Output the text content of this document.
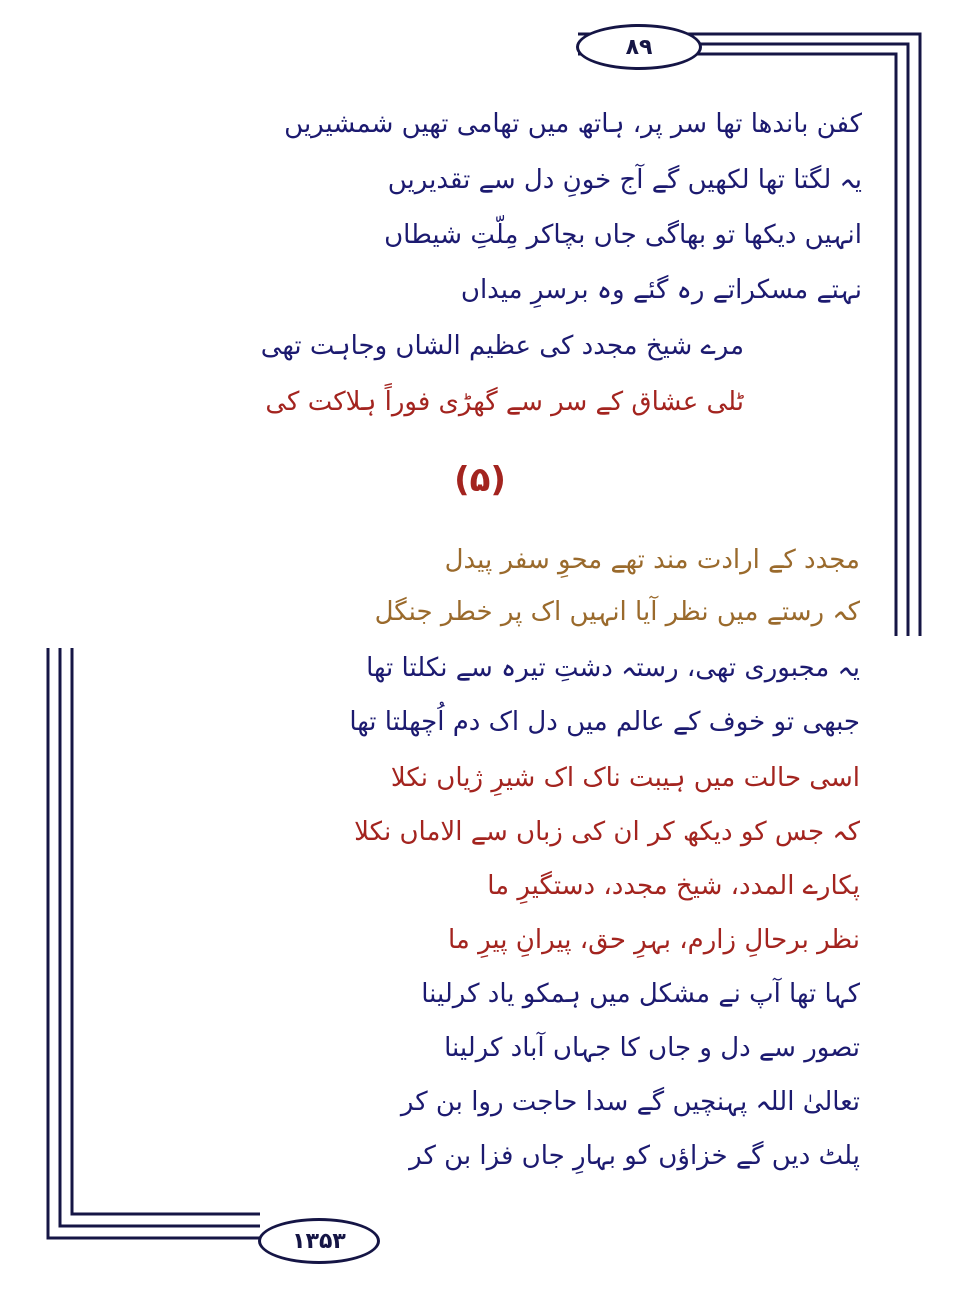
۸۹
۱۳۵۳
کفن باندھا تھا سر پر، ہاتھ میں تھامی تھیں شمشیریں
یہ لگتا تھا لکھیں گے آج خونِ دل سے تقدیریں
انہیں دیکھا تو بھاگی جاں بچاکر مِلّتِ شیطاں
نہتے مسکراتے رہ گئے وہ برسرِ میداں
مرے شیخ مجدد کی عظیم الشاں وجاہت تھی
ٹلی عشاق کے سر سے گھڑی فوراً ہلاکت کی
(۵)
مجدد کے ارادت مند تھے محوِ سفر پیدل
کہ رستے میں نظر آیا انہیں اک پر خطر جنگل
یہ مجبوری تھی، رستہ دشتِ تیرہ سے نکلتا تھا
جبھی تو خوف کے عالم میں دل اک دم اُچھلتا تھا
اسی حالت میں ہیبت ناک اک شیرِ ژیاں نکلا
کہ جس کو دیکھ کر ان کی زباں سے الاماں نکلا
پکارے المدد، شیخ مجدد، دستگیرِ ما
نظر برحالِ زارم، بہرِ حق، پیرانِ پیرِ ما
کہا تھا آپ نے مشکل میں ہمکو یاد کرلینا
تصور سے دل و جاں کا جہاں آباد کرلینا
تعالیٰ اللہ پہنچیں گے سدا حاجت روا بن کر
پلٹ دیں گے خزاؤں کو بہارِ جاں فزا بن کر
